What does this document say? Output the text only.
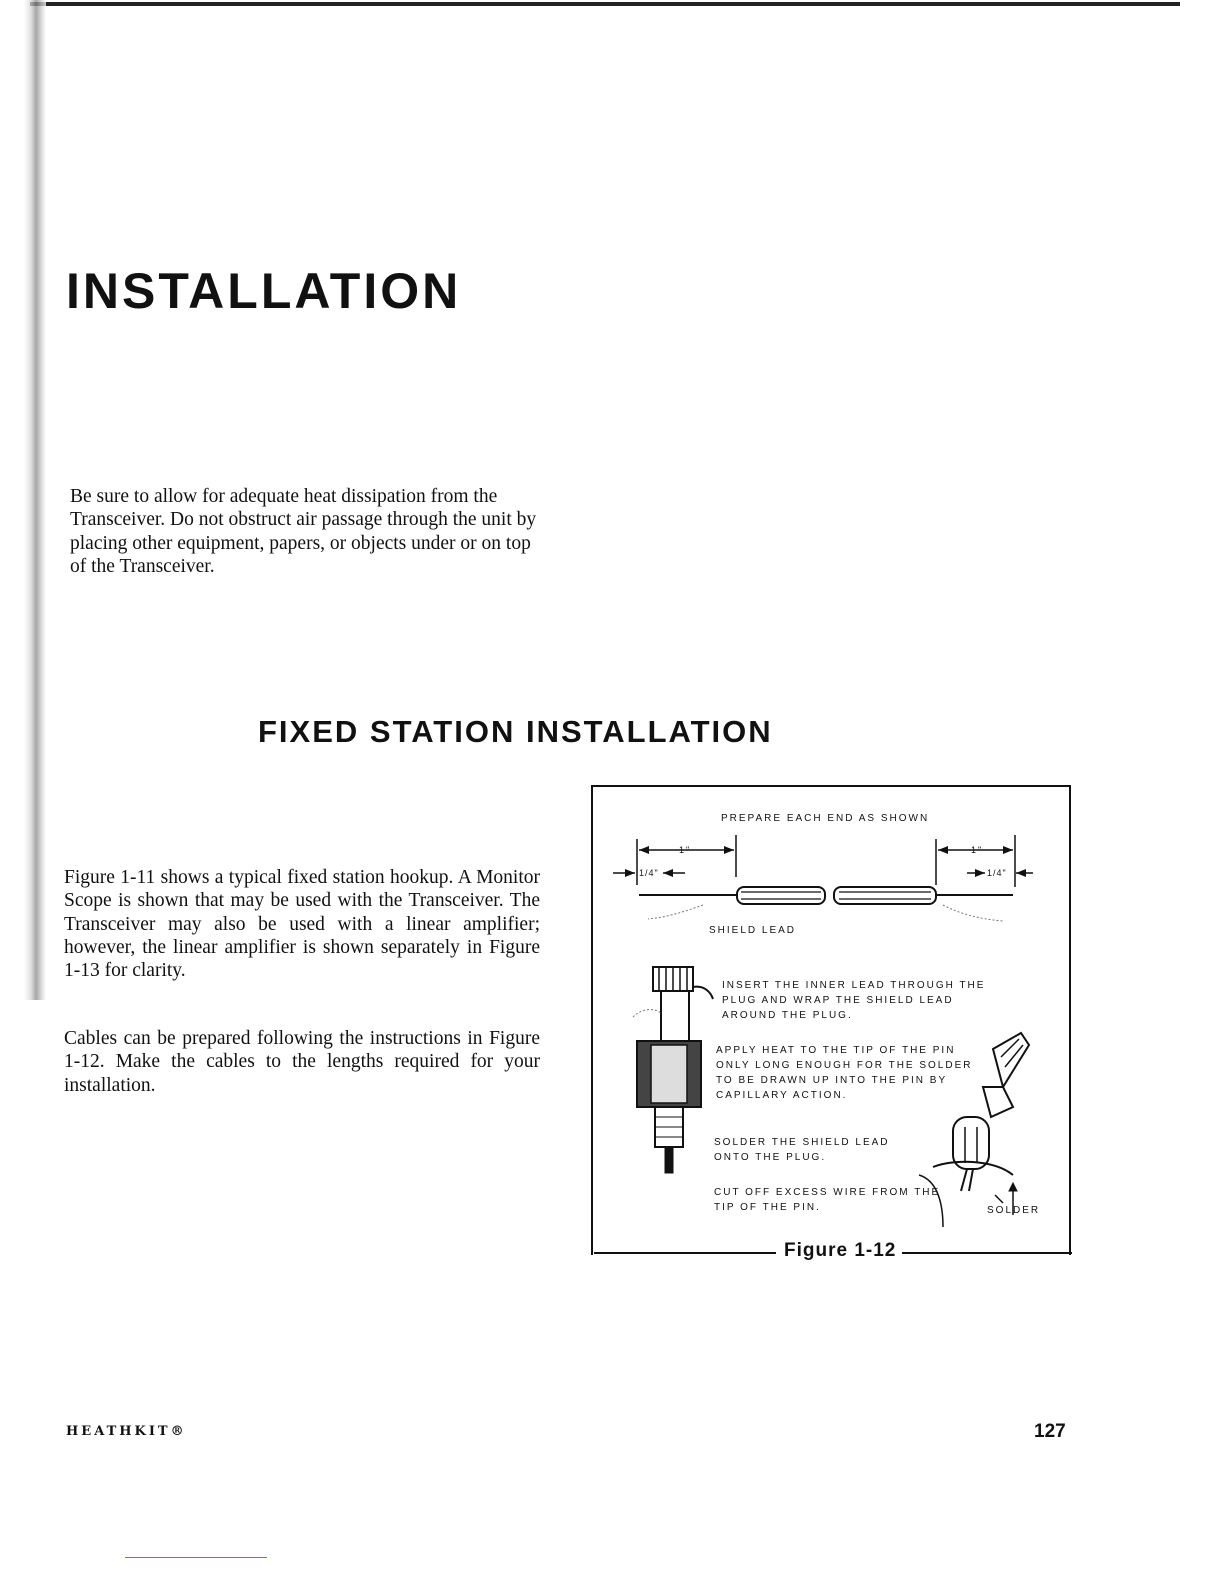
INSTALLATION

Be sure to allow for adequate heat dissipation from the Transceiver. Do not obstruct air passage through the unit by placing other equipment, papers, or objects under or on top of the Transceiver.

FIXED STATION INSTALLATION

Figure 1-11 shows a typical fixed station hookup. A Monitor Scope is shown that may be used with the Transceiver. The Transceiver may also be used with a linear amplifier; however, the linear amplifier is shown separately in Figure 1-13 for clarity.

Cables can be prepared following the instructions in Figure 1-12. Make the cables to the lengths required for your installation.

PREPARE EACH END AS SHOWN

1"
1/4"
1"
1/4"

SHIELD LEAD

INSERT THE INNER LEAD THROUGH THE PLUG AND WRAP THE SHIELD LEAD AROUND THE PLUG.

APPLY HEAT TO THE TIP OF THE PIN ONLY LONG ENOUGH FOR THE SOLDER TO BE DRAWN UP INTO THE PIN BY CAPILLARY ACTION.

SOLDER THE SHIELD LEAD ONTO THE PLUG.

CUT OFF EXCESS WIRE FROM THE TIP OF THE PIN.	SOLDER
Figure 1-12
HEATHKIT®	127
